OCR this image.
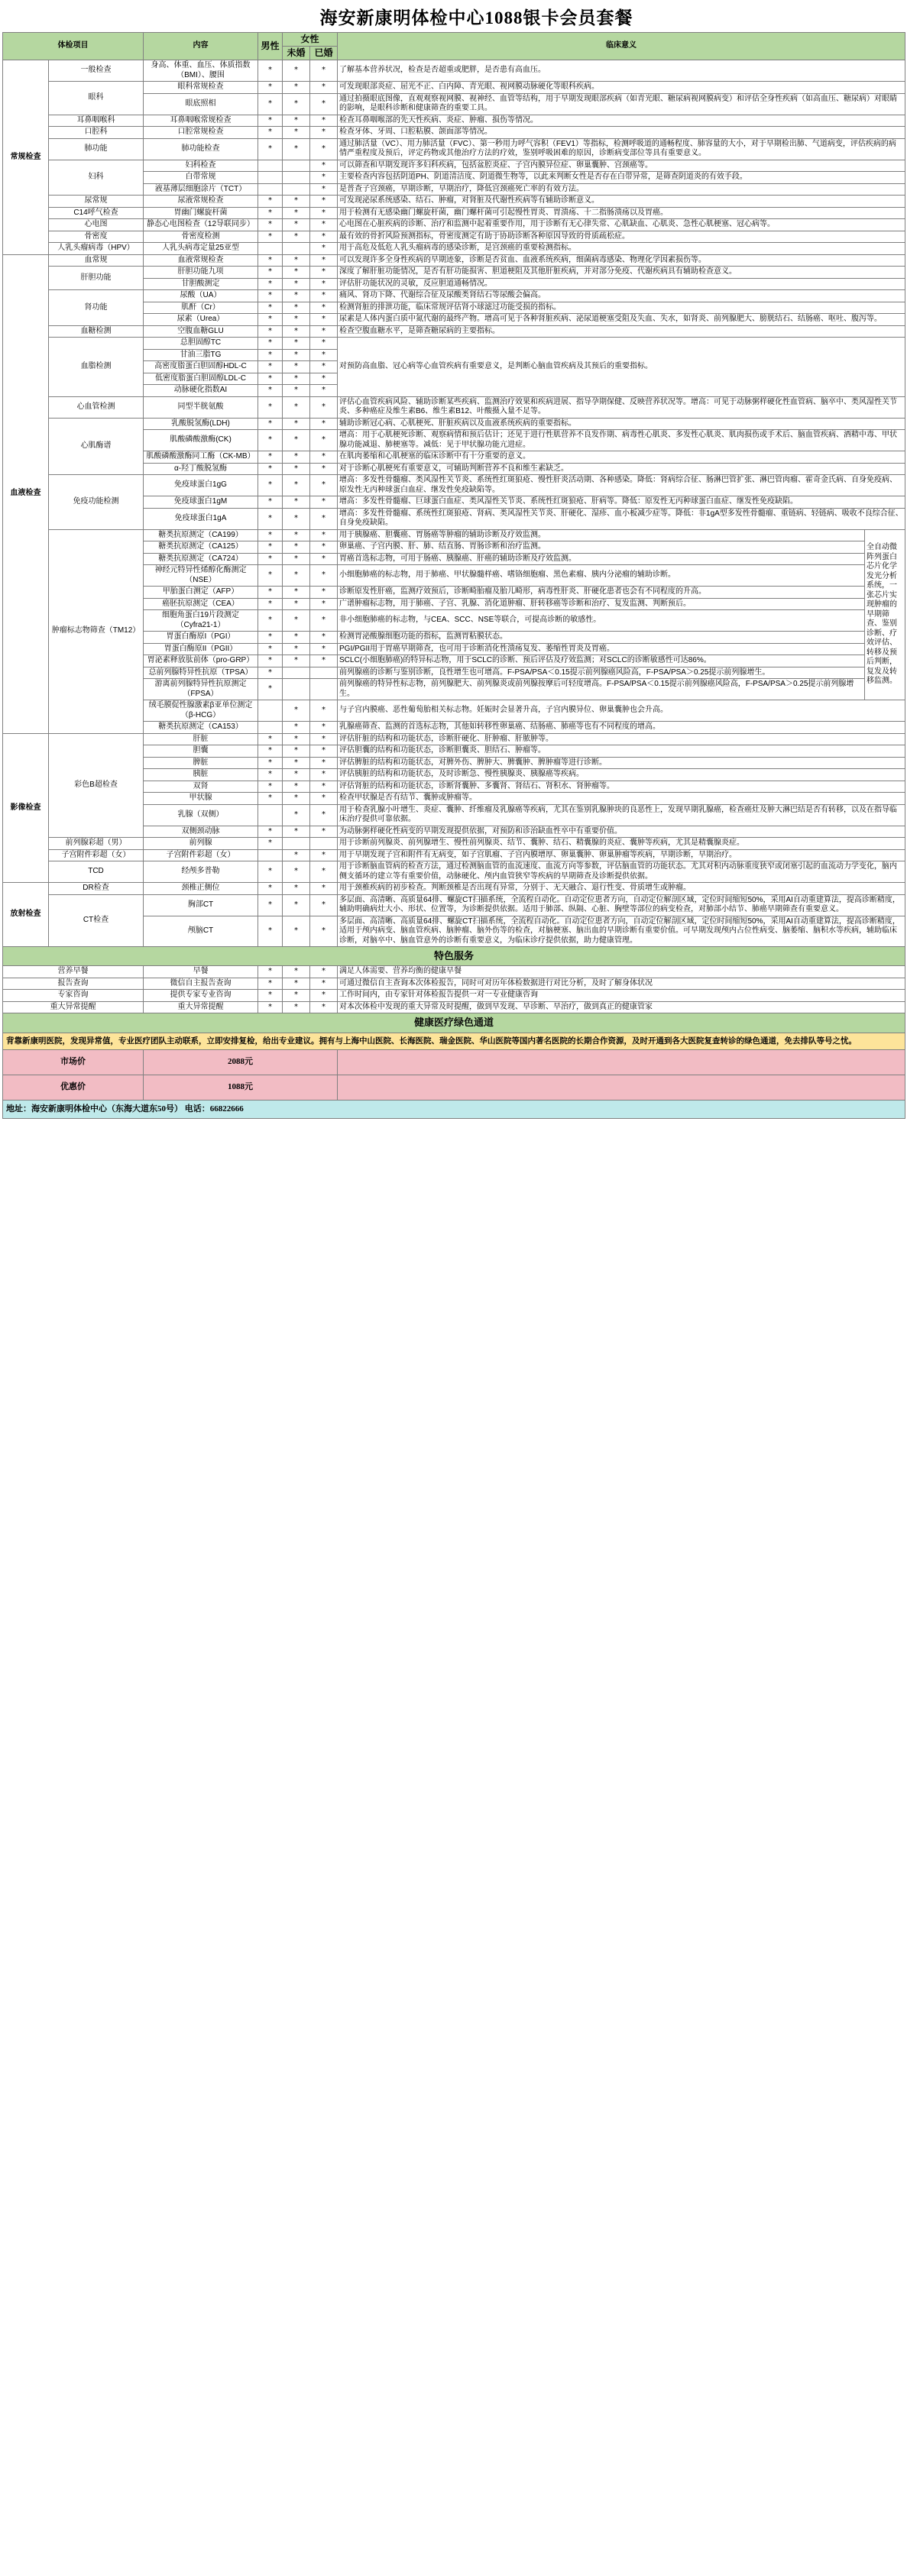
海安新康明体检中心1088银卡会员套餐
体检项目		内容	男性	女性		临床意义	
				未婚	已婚		
常规检查	一般检查	身高、体重、血压、体质指数（BMI）、腰围	*	*	*	了解基本营养状况，检查是否超重或肥胖，是否患有高血压。	
	眼科	眼科常规检查	*	*	*	可发现眼部炎症、屈光不正、白内障、青光眼、视网膜动脉硬化等眼科疾病。	
		眼底照相	*	*	*	通过拍摄眼底图像，直观观察视网膜、视神经、血管等结构，用于早期发现眼部疾病（如青光眼、糖尿病视网膜病变）和评估全身性疾病（如高血压、糖尿病）对眼睛的影响，是眼科诊断和健康筛查的重要工具。	
	耳鼻咽喉科	耳鼻咽喉常规检查	*	*	*	检查耳鼻咽喉部的先天性疾病、炎症、肿瘤、损伤等情况。	
	口腔科	口腔常规检查	*	*	*	检查牙体、牙周、口腔粘膜、颌面部等情况。	
	肺功能	肺功能检查	*	*	*	通过肺活量（VC）、用力肺活量（FVC）、第一秒用力呼气容积（FEV1）等指标，检测呼吸道的通畅程度、肺容量的大小，对于早期检出肺、气道病变，评估疾病的病情严重程度及预后，评定药物或其他治疗方法的疗效，鉴别呼吸困难的原因，诊断病变部位等具有重要意义。	
	妇科	妇科检查			*	可以筛查和早期发现许多妇科疾病，包括盆腔炎症、子宫内膜异位症、卵巢囊肿、宫颈癌等。	
		白带常规			*	主要检查内容包括阴道PH、阴道清洁度、阴道微生物等，以此来判断女性是否存在白带异常，是筛查阴道炎的有效手段。	
		液基薄层细胞涂片（TCT）			*	是普查子宫颈癌，早期诊断，早期治疗，降低宫颈癌死亡率的有效方法。	
	尿常规	尿液常规检查	*	*	*	可发现泌尿系统感染、结石、肿瘤，对肾脏及代谢性疾病等有辅助诊断意义。	
	C14呼气检查	胃幽门螺旋杆菌	*	*	*	用于检测有无感染幽门螺旋杆菌，幽门螺杆菌可引起慢性胃炎、胃溃疡、十二指肠溃疡以及胃癌。	
	心电图	静态心电图检查（12导联同步）	*	*	*	心电图在心脏疾病的诊断、治疗和监测中起着重要作用，用于诊断有无心律失常、心肌缺血、心肌炎、急性心肌梗塞、冠心病等。	
	骨密度	骨密度检测	*	*	*	最有效的骨折风险预测指标，骨密度测定有助于协助诊断各种原因导致的骨质疏松症。	
	人乳头瘤病毒（HPV）	人乳头病毒定量25亚型			*	用于高危及低危人乳头瘤病毒的感染诊断，是宫颈癌的重要检测指标。	
血液检查	血常规	血液常规检查	*	*	*	可以发现许多全身性疾病的早期迹象，诊断是否贫血、血液系统疾病，细菌病毒感染、物理化学因素损伤等。	
	肝胆功能	肝胆功能九项	*	*	*	深度了解肝脏功能情况，是否有肝功能损害、胆道梗阻及其他肝脏疾病，并对部分免疫、代谢疾病具有辅助检查意义。	
		甘胆酸测定	*	*	*	评估肝功能状况的灵敏，反应胆道通畅情况。	
	肾功能	尿酸（UA）	*	*	*	痛风、肾功下降、代谢综合征及尿酸类肾结石等尿酸会偏高。	
		肌酐（Cr）	*	*	*	检测肾脏的排泄功能，临床常规评估肾小球滤过功能受损的指标。	
		尿素（Urea）	*	*	*	尿素是人体内蛋白质中氮代谢的最终产物。增高可见于各种肾脏疾病、泌尿道梗塞受阻及失血、失水，如肾炎、前列腺肥大、膀胱结石、结肠癌、呕吐、腹泻等。	
	血糖检测	空腹血糖GLU	*	*	*	检查空腹血糖水平，是筛查糖尿病的主要指标。	
	血脂检测	总胆固醇TC	*	*	*	对预防高血脂、冠心病等心血管疾病有重要意义，是判断心脑血管疾病及其预后的重要指标。	
		甘油三脂TG	*	*	*		
		高密度脂蛋白胆固醇HDL-C	*	*	*		
		低密度脂蛋白胆固醇LDL-C	*	*	*		
		动脉硬化指数AI	*	*	*		
	心血管检测	同型半胱氨酸	*	*	*	评估心血管疾病风险、辅助诊断某些疾病、监测治疗效果和疾病进展、指导孕期保健、反映营养状况等。增高：可见于动脉粥样硬化性血管病、脑卒中、类风湿性关节炎、多种癌症及维生素B6、维生素B12、叶酸摄入量不足等。	
	心肌酶谱	乳酸脱氢酶(LDH)	*	*	*	辅助诊断冠心病、心肌梗死、肝脏疾病以及血液系统疾病的重要指标。	
		肌酸磷酸激酶(CK)	*	*	*	增高：用于心肌梗死诊断、观察病情和预后估计；还见于进行性肌营养不良发作期、病毒性心肌炎、多发性心肌炎、肌肉损伤或手术后、脑血管疾病、酒精中毒、甲状腺功能减退、肺梗塞等。减低：见于甲状腺功能亢进症。	
		肌酸磷酸激酶同工酶（CK-MB）	*	*	*	在肌肉萎缩和心肌梗塞的临床诊断中有十分重要的意义。	
		α-羟丁酸脱氢酶	*	*	*	对于诊断心肌梗死有重要意义，可辅助判断营养不良和维生素缺乏。	
	免疫功能检测	免疫球蛋白1gG	*	*	*	增高：多发性骨髓瘤、类风湿性关节炎、系统性红斑狼疮、慢性肝炎活动期、各种感染。降低：肾病综合征、肠淋巴管扩张、淋巴管肉瘤、霍奇金氏病、自身免疫病、原发性无丙种球蛋白血症、继发性免疫缺陷等。	
		免疫球蛋白1gM	*	*	*	增高：多发性骨髓瘤、巨球蛋白血症、类风湿性关节炎、系统性红斑狼疮、肝病等。降低：原发性无丙种球蛋白血症、继发性免疫缺陷。	
		免疫球蛋白1gA	*	*	*	增高：多发性骨髓瘤、系统性红斑狼疮、肾病、类风湿性关节炎、肝硬化、湿疹、血小板减少症等。降低：非1gA型多发性骨髓瘤、重链病、轻链病、吸收不良综合征、自身免疫缺陷。	
	肿瘤标志物筛查（TM12）	糖类抗原测定（CA199）	*	*	*	用于胰腺癌、胆囊癌、胃肠癌等肿瘤的辅助诊断及疗效监测。	全自动微阵列蛋白芯片化学发光分析系统，一张芯片实现肿瘤的早期筛查、鉴别诊断、疗效评估、转移及预后判断，复发及转移监测。
		糖类抗原测定（CA125）	*	*	*	卵巢癌、子宫内膜、肝、肺、结直肠、胃肠诊断和治疗监测。	
		糖类抗原测定（CA724）	*	*	*	胃癌首选标志物，可用于肠癌、胰腺癌、肝癌的辅助诊断及疗效监测。	
		神经元特异性烯醇化酶测定（NSE）	*	*	*	小细胞肺癌的标志物，用于肺癌、甲状腺髓样癌、嗜铬细胞瘤、黑色素瘤、胰内分泌瘤的辅助诊断。	
		甲胎蛋白测定（AFP）	*	*	*	诊断原发性肝癌，监测疗效预后，诊断畸胎瘤及胎儿畸形，病毒性肝炎、肝硬化患者也会有不同程度的升高。	
		癌胚抗原测定（CEA）	*	*	*	广谱肿瘤标志物，用于肺癌、子宫、乳腺、消化道肿瘤、肝转移癌等诊断和治疗、复发监测、判断预后。	
		细胞角蛋白19片段测定（Cyfra21-1）	*	*	*	非小细胞肺癌的标志物，与CEA、SCC、NSE等联合，可提高诊断的敏感性。	
		胃蛋白酶原I（PGI）	*	*	*	检测胃泌酸腺细胞功能的指标，监测胃粘膜状态。	
		胃蛋白酶原II（PGII）	*	*	*	PGI/PGII用于胃癌早期筛查，也可用于诊断消化性溃疡复发、萎缩性胃炎及胃癌。	
		胃泌素释放肽前体（pro-GRP）	*	*	*	SCLC(小细胞肺癌)的特异标志物，用于SCLC的诊断、预后评估及疗效监测；对SCLC的诊断敏感性可达86%。	
		总前列腺特异性抗原（TPSA）	*			前列腺癌的诊断与鉴别诊断，良性增生也可增高。F-PSA/PSA＜0.15提示前列腺癌风险高，F-PSA/PSA＞0.25提示前列腺增生。	
		游离前列腺特异性抗原测定（FPSA）	*			前列腺癌的特异性标志物，前列腺肥大、前列腺炎或前列腺按摩后可轻度增高。F-PSA/PSA＜0.15提示前列腺癌风险高，F-PSA/PSA＞0.25提示前列腺增生。	
		绒毛膜促性腺激素β亚单位测定（β-HCG）		*	*	与子宫内膜癌、恶性葡萄胎相关标志物。妊娠时会显著升高，子宫内膜异位、卵巢囊肿也会升高。	
		糖类抗原测定（CA153）		*	*	乳腺癌筛查、监测的首选标志物，其他如转移性卵巢癌、结肠癌、肺癌等也有不同程度的增高。	
影像检查	彩色B超检查	肝脏	*	*	*	评估肝脏的结构和功能状态，诊断肝硬化、肝肿瘤、肝脓肿等。	
		胆囊	*	*	*	评估胆囊的结构和功能状态，诊断胆囊炎、胆结石、肿瘤等。	
		脾脏	*	*	*	评估脾脏的结构和功能状态，对脾外伤、脾肿大、脾囊肿、脾肿瘤等进行诊断。	
		胰脏	*	*	*	评估胰脏的结构和功能状态，及时诊断急、慢性胰腺炎、胰腺癌等疾病。	
		双肾	*	*	*	评估肾脏的结构和功能状态，诊断肾囊肿、多囊肾、肾结石、肾积水、肾肿瘤等。	
		甲状腺	*	*	*	检查甲状腺是否有结节、囊肿或肿瘤等。	
		乳腺（双侧）		*	*	用于检查乳腺小叶增生、炎症、囊肿、纤维瘤及乳腺癌等疾病，尤其在鉴别乳腺肿块的良恶性上，发现早期乳腺癌，检查癌灶及肿大淋巴结是否有转移，以及在指导临床治疗提供可靠依据。	
		双侧颈动脉	*	*	*	为动脉粥样硬化性病变的早期发现提供依据，对预防和诊治缺血性卒中有重要价值。	
	前列腺彩超（男）	前列腺	*			用于诊断前列腺炎、前列腺增生、慢性前列腺炎、结节、囊肿、结石、精囊腺的炎症、囊肿等疾病，尤其是精囊腺炎症。	
	子宫附件彩超（女）	子宫附件彩超（女）		*	*	用于早期发现子宫和附件有无病变，如子宫肌瘤、子宫内膜增厚、卵巢囊肿、卵巢肿瘤等疾病，早期诊断，早期治疗。	
	TCD	经颅多普勒	*	*	*	用于诊断脑血管病的检查方法，通过检测脑血管的血流速度、血流方向等参数，评估脑血管的功能状态。尤其对积内动脉重度狭窄或闭塞引起的血流动力学变化，脑内侧支循环的建立等有重要价值，动脉硬化、颅内血管狭窄等疾病的早期筛查及诊断提供依据。	
放射检查	DR检查	颈椎正侧位	*	*	*	用于颈椎疾病的初步检查。判断颈椎是否出现有异常，分别于、无天融合、退行性变、骨质增生或肿瘤。	
	CT检查	胸部CT	*	*	*	多层面、高清晰、高质量64排、螺旋CT扫描系统，全流程自动化。自动定位患者方向，自动定位解剖区域，定位时间缩短50%，采用AI自动重建算法，提高诊断精度，辅助明确病灶大小、形状、位置等，为诊断提供依据。适用于肺部、纵隔、心脏、胸壁等部位的病变检查，对肺部小结节、肺癌早期筛查有重要意义。	
		颅脑CT	*	*	*	多层面、高清晰、高质量64排、螺旋CT扫描系统，全流程自动化。自动定位患者方向，自动定位解剖区域，定位时间缩短50%，采用AI自动重建算法，提高诊断精度，适用于颅内病变、脑血管疾病、脑肿瘤、脑外伤等的检查，对脑梗塞、脑出血的早期诊断有重要价值。可早期发现颅内占位性病变、脑萎缩、脑积水等疾病，辅助临床诊断，对脑卒中、脑血管意外的诊断有重要意义，为临床诊疗提供依据，助力健康管理。	
特色服务							
营养早餐		早餐	*	*	*	满足人体需要、营养均衡的健康早餐	
报告查询		微信自主报告查询	*	*	*	可通过微信自主查询本次体检报告，同时可对历年体检数据进行对比分析，及时了解身体状况	
专家咨询		提供专家专业咨询	*	*	*	工作时间内，由专家针对体检报告提供一对一专业健康咨询	
重大异常提醒		重大异常提醒	*	*	*	对本次体检中发现的重大异常及时提醒，做到早发现、早诊断、早治疗，做到真正的健康管家	
健康医疗绿色通道							
背靠新康明医院，发现异常值，专业医疗团队主动联系，立即安排复检，给出专业建议。拥有与上海中山医院、长海医院、瑞金医院、华山医院等国内著名医院的长期合作资源，及时开通到各大医院复查转诊的绿色通道，免去排队等号之忧。							
市场价		2088元					
优惠价		1088元					
地址：海安新康明体检中心（东海大道东50号） 电话：66822666							
